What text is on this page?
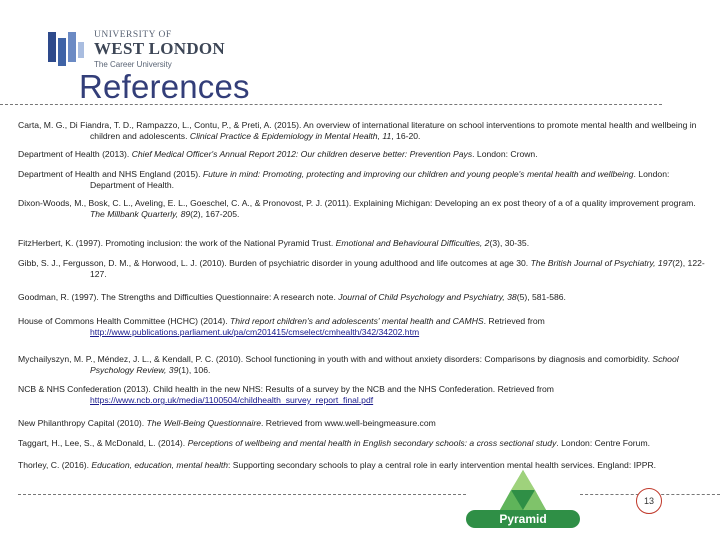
UNIVERSITY OF
WEST LONDON
The Career University
References
Carta, M. G., Di Fiandra, T. D., Rampazzo, L., Contu, P., & Preti, A. (2015). An overview of international literature on school interventions to promote mental health and wellbeing in children and adolescents. Clinical Practice & Epidemiology in Mental Health, 11, 16-20.
Department of Health (2013). Chief Medical Officer's Annual Report 2012: Our children deserve better: Prevention Pays. London: Crown.
Department of Health and NHS England (2015). Future in mind: Promoting, protecting and improving our children and young people's mental health and wellbeing. London: Department of Health.
Dixon-Woods, M., Bosk, C. L., Aveling, E. L., Goeschel, C. A., & Pronovost, P. J. (2011). Explaining Michigan: Developing an ex post theory of a of a quality improvement program. The Millbank Quarterly, 89(2), 167-205.
FitzHerbert, K. (1997). Promoting inclusion: the work of the National Pyramid Trust. Emotional and Behavioural Difficulties, 2(3), 30-35.
Gibb, S. J., Fergusson, D. M., & Horwood, L. J. (2010). Burden of psychiatric disorder in young adulthood and life outcomes at age 30. The British Journal of Psychiatry, 197(2), 122-127.
Goodman, R. (1997). The Strengths and Difficulties Questionnaire: A research note. Journal of Child Psychology and Psychiatry, 38(5), 581-586.
House of Commons Health Committee (HCHC) (2014). Third report children's and adolescents' mental health and CAMHS. Retrieved from http://www.publications.parliament.uk/pa/cm201415/cmselect/cmhealth/342/34202.htm
Mychailyszyn, M. P., Méndez, J. L., & Kendall, P. C. (2010). School functioning in youth with and without anxiety disorders: Comparisons by diagnosis and comorbidity. School Psychology Review, 39(1), 106.
NCB & NHS Confederation (2013). Child health in the new NHS: Results of a survey by the NCB and the NHS Confederation. Retrieved from https://www.ncb.org.uk/media/1100504/childhealth_survey_report_final.pdf
New Philanthropy Capital (2010). The Well-Being Questionnaire. Retrieved from www.well-beingmeasure.com
Taggart, H., Lee, S., & McDonald, L. (2014). Perceptions of wellbeing and mental health in English secondary schools: a cross sectional study. London: Centre Forum.
Thorley, C. (2016). Education, education, mental health: Supporting secondary schools to play a central role in early intervention mental health services. England: IPPR.
Pyramid
13
